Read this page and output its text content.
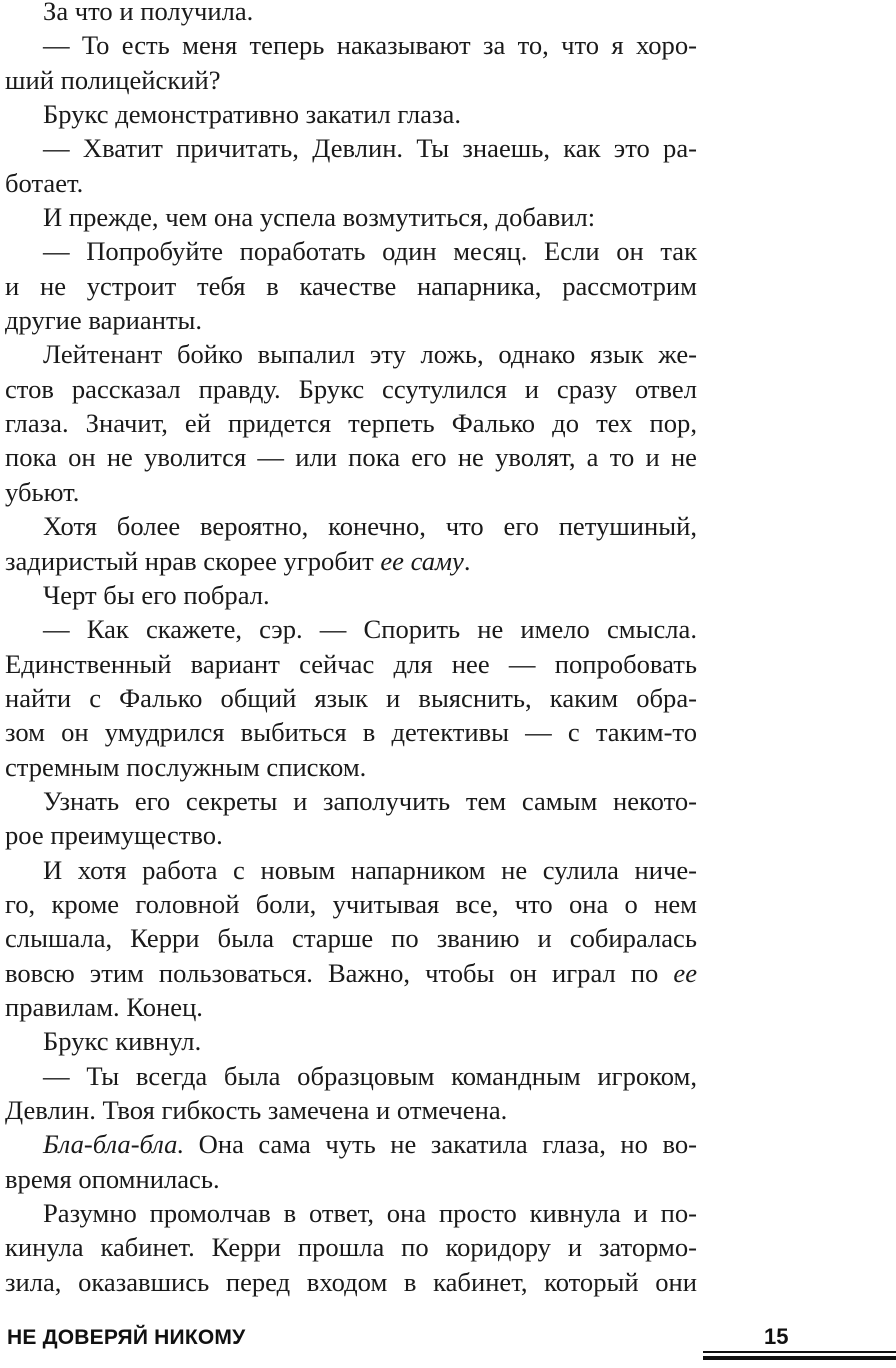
За что и получила.
— То есть меня теперь наказывают за то, что я хоро-
ший полицейский?
Брукс демонстративно закатил глаза.
— Хватит причитать, Девлин. Ты знаешь, как это ра-
ботает.
И прежде, чем она успела возмутиться, добавил:
— Попробуйте поработать один месяц. Если он так
и не устроит тебя в качестве напарника, рассмотрим
другие варианты.
Лейтенант бойко выпалил эту ложь, однако язык же-
стов рассказал правду. Брукс ссутулился и сразу отвел
глаза. Значит, ей придется терпеть Фалько до тех пор,
пока он не уволится — или пока его не уволят, а то и не
убьют.
Хотя более вероятно, конечно, что его петушиный,
задиристый нрав скорее угробит ее саму.
Черт бы его побрал.
— Как скажете, сэр. — Спорить не имело смысла.
Единственный вариант сейчас для нее — попробовать
найти с Фалько общий язык и выяснить, каким обра-
зом он умудрился выбиться в детективы — с таким-то
стремным послужным списком.
Узнать его секреты и заполучить тем самым некото-
рое преимущество.
И хотя работа с новым напарником не сулила ниче-
го, кроме головной боли, учитывая все, что она о нем
слышала, Керри была старше по званию и собиралась
вовсю этим пользоваться. Важно, чтобы он играл по ее
правилам. Конец.
Брукс кивнул.
— Ты всегда была образцовым командным игроком,
Девлин. Твоя гибкость замечена и отмечена.
Бла-бла-бла. Она сама чуть не закатила глаза, но во-
время опомнилась.
Разумно промолчав в ответ, она просто кивнула и по-
кинула кабинет. Керри прошла по коридору и затормо-
зила, оказавшись перед входом в кабинет, который они
НЕ ДОВЕРЯЙ НИКОМУ	15
